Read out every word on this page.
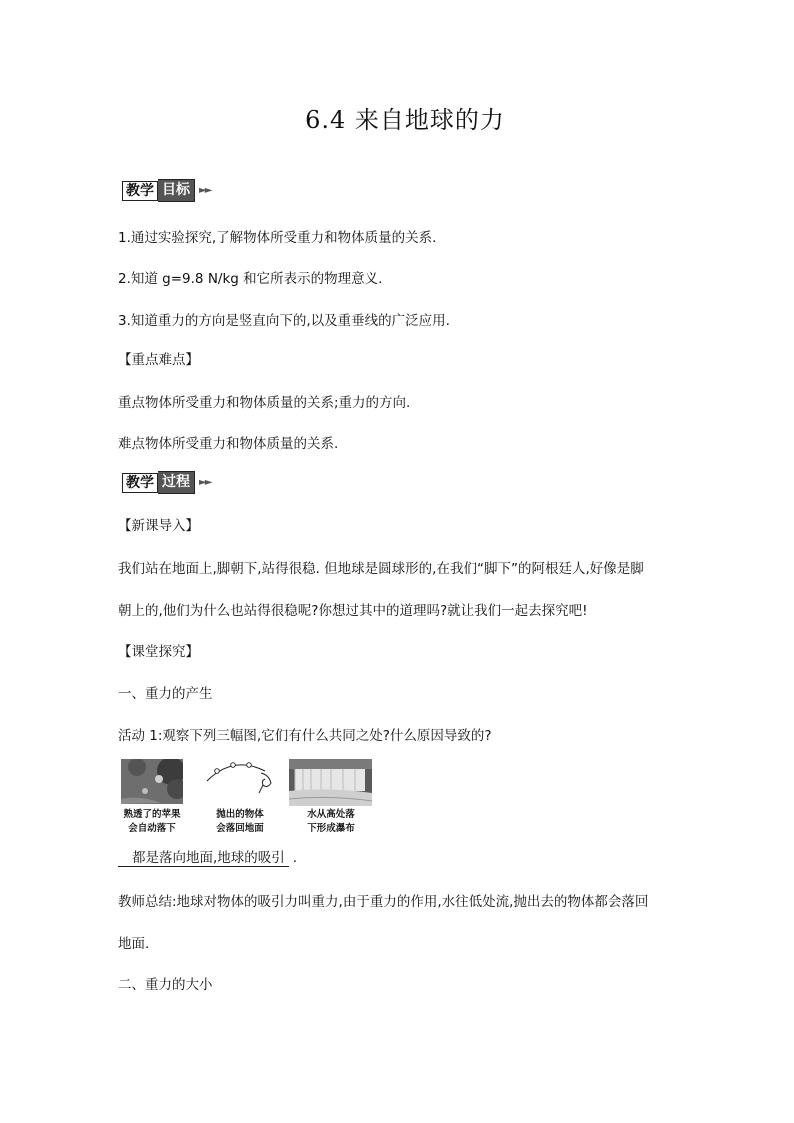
6.4 来自地球的力
教学 目标 ►►
1.通过实验探究,了解物体所受重力和物体质量的关系.
2.知道 g=9.8 N/kg 和它所表示的物理意义.
3.知道重力的方向是竖直向下的,以及重垂线的广泛应用.
【重点难点】
重点物体所受重力和物体质量的关系;重力的方向.
难点物体所受重力和物体质量的关系.
教学 过程 ►►
【新课导入】
我们站在地面上,脚朝下,站得很稳. 但地球是圆球形的,在我们“脚下”的阿根廷人,好像是脚
朝上的,他们为什么也站得很稳呢?你想过其中的道理吗?就让我们一起去探究吧!
【课堂探究】
一、重力的产生
活动 1:观察下列三幅图,它们有什么共同之处?什么原因导致的?
熟透了的苹果
会自动落下
抛出的物体
会落回地面
水从高处落
下形成瀑布
都是落向地面,地球的吸引 .
教师总结:地球对物体的吸引力叫重力,由于重力的作用,水往低处流,抛出去的物体都会落回
地面.
二、重力的大小
